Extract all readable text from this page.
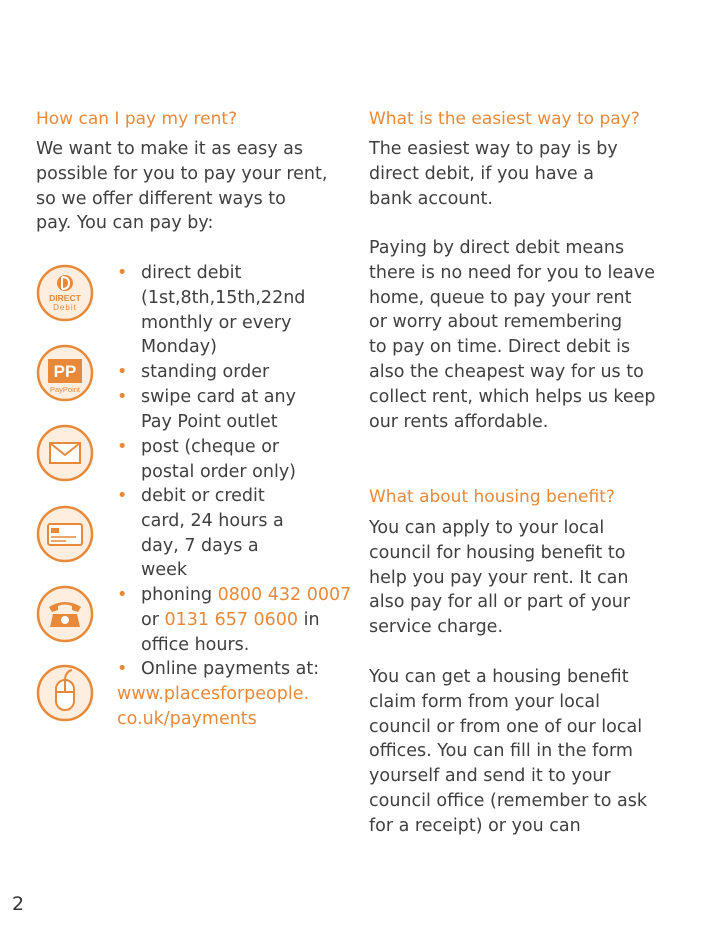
How can I pay my rent?
We want to make it as easy as
possible for you to pay your rent,
so we offer different ways to
pay. You can pay by:
DIRECT
Debit
PP
PayPoint
• direct debit
(1st,8th,15th,22nd
monthly or every
Monday)
• standing order
• swipe card at any
Pay Point outlet
• post (cheque or
postal order only)
• debit or credit
card, 24 hours a
day, 7 days a
week
• phoning 0800 432 0007
or 0131 657 0600 in
office hours.
• Online payments at:
www.placesforpeople.
co.uk/payments
What is the easiest way to pay?
The easiest way to pay is by
direct debit, if you have a
bank account.
Paying by direct debit means
there is no need for you to leave
home, queue to pay your rent
or worry about remembering
to pay on time. Direct debit is
also the cheapest way for us to
collect rent, which helps us keep
our rents affordable.
What about housing benefit?
You can apply to your local
council for housing benefit to
help you pay your rent. It can
also pay for all or part of your
service charge.
You can get a housing benefit
claim form from your local
council or from one of our local
offices. You can fill in the form
yourself and send it to your
council office (remember to ask
for a receipt) or you can
2
